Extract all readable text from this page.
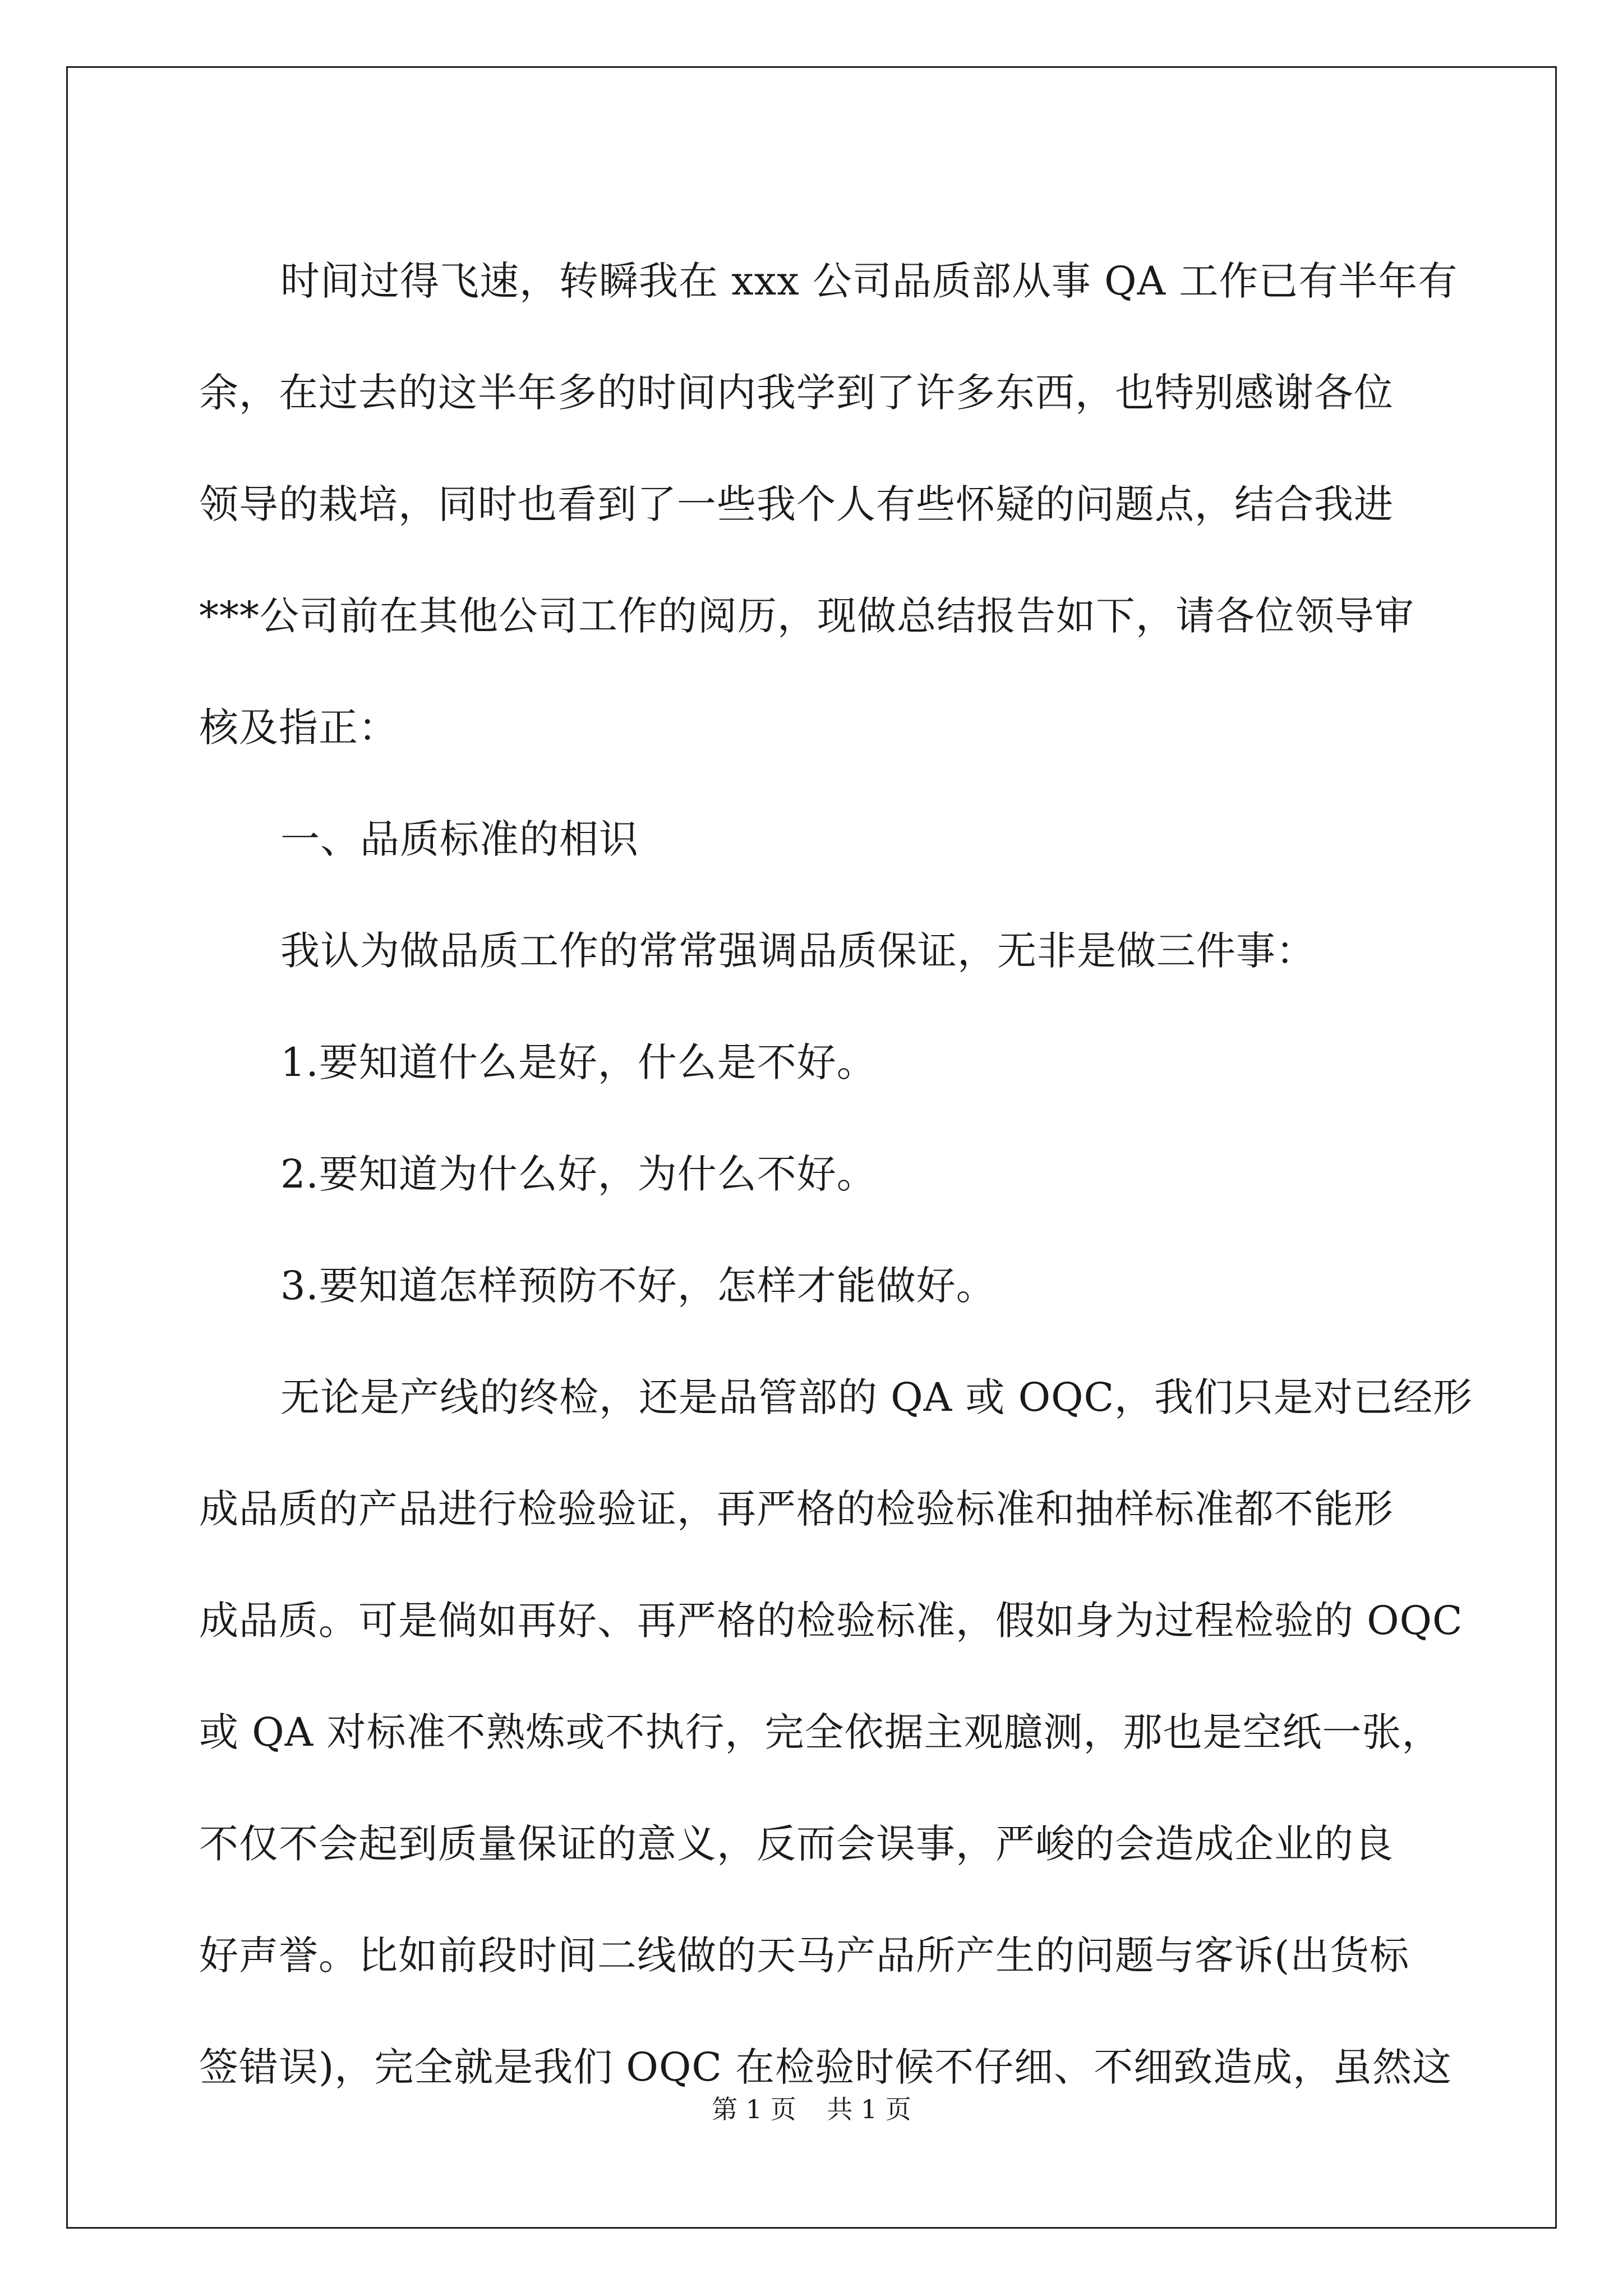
时间过得飞速，转瞬我在 xxx 公司品质部从事 QA 工作已有半年有
余，在过去的这半年多的时间内我学到了许多东西，也特别感谢各位
领导的栽培，同时也看到了一些我个人有些怀疑的问题点，结合我进
***公司前在其他公司工作的阅历，现做总结报告如下，请各位领导审
核及指正：

一、品质标准的相识

我认为做品质工作的常常强调品质保证，无非是做三件事：

1.要知道什么是好，什么是不好。

2.要知道为什么好，为什么不好。

3.要知道怎样预防不好，怎样才能做好。

无论是产线的终检，还是品管部的 QA 或 OQC，我们只是对已经形
成品质的产品进行检验验证，再严格的检验标准和抽样标准都不能形
成品质。可是倘如再好、再严格的检验标准，假如身为过程检验的 OQC
或 QA 对标准不熟炼或不执行，完全依据主观臆测，那也是空纸一张，
不仅不会起到质量保证的意义，反而会误事，严峻的会造成企业的良
好声誉。比如前段时间二线做的天马产品所产生的问题与客诉(出货标
签错误)，完全就是我们 OQC 在检验时候不仔细、不细致造成，虽然这

第 1 页 共 1 页
